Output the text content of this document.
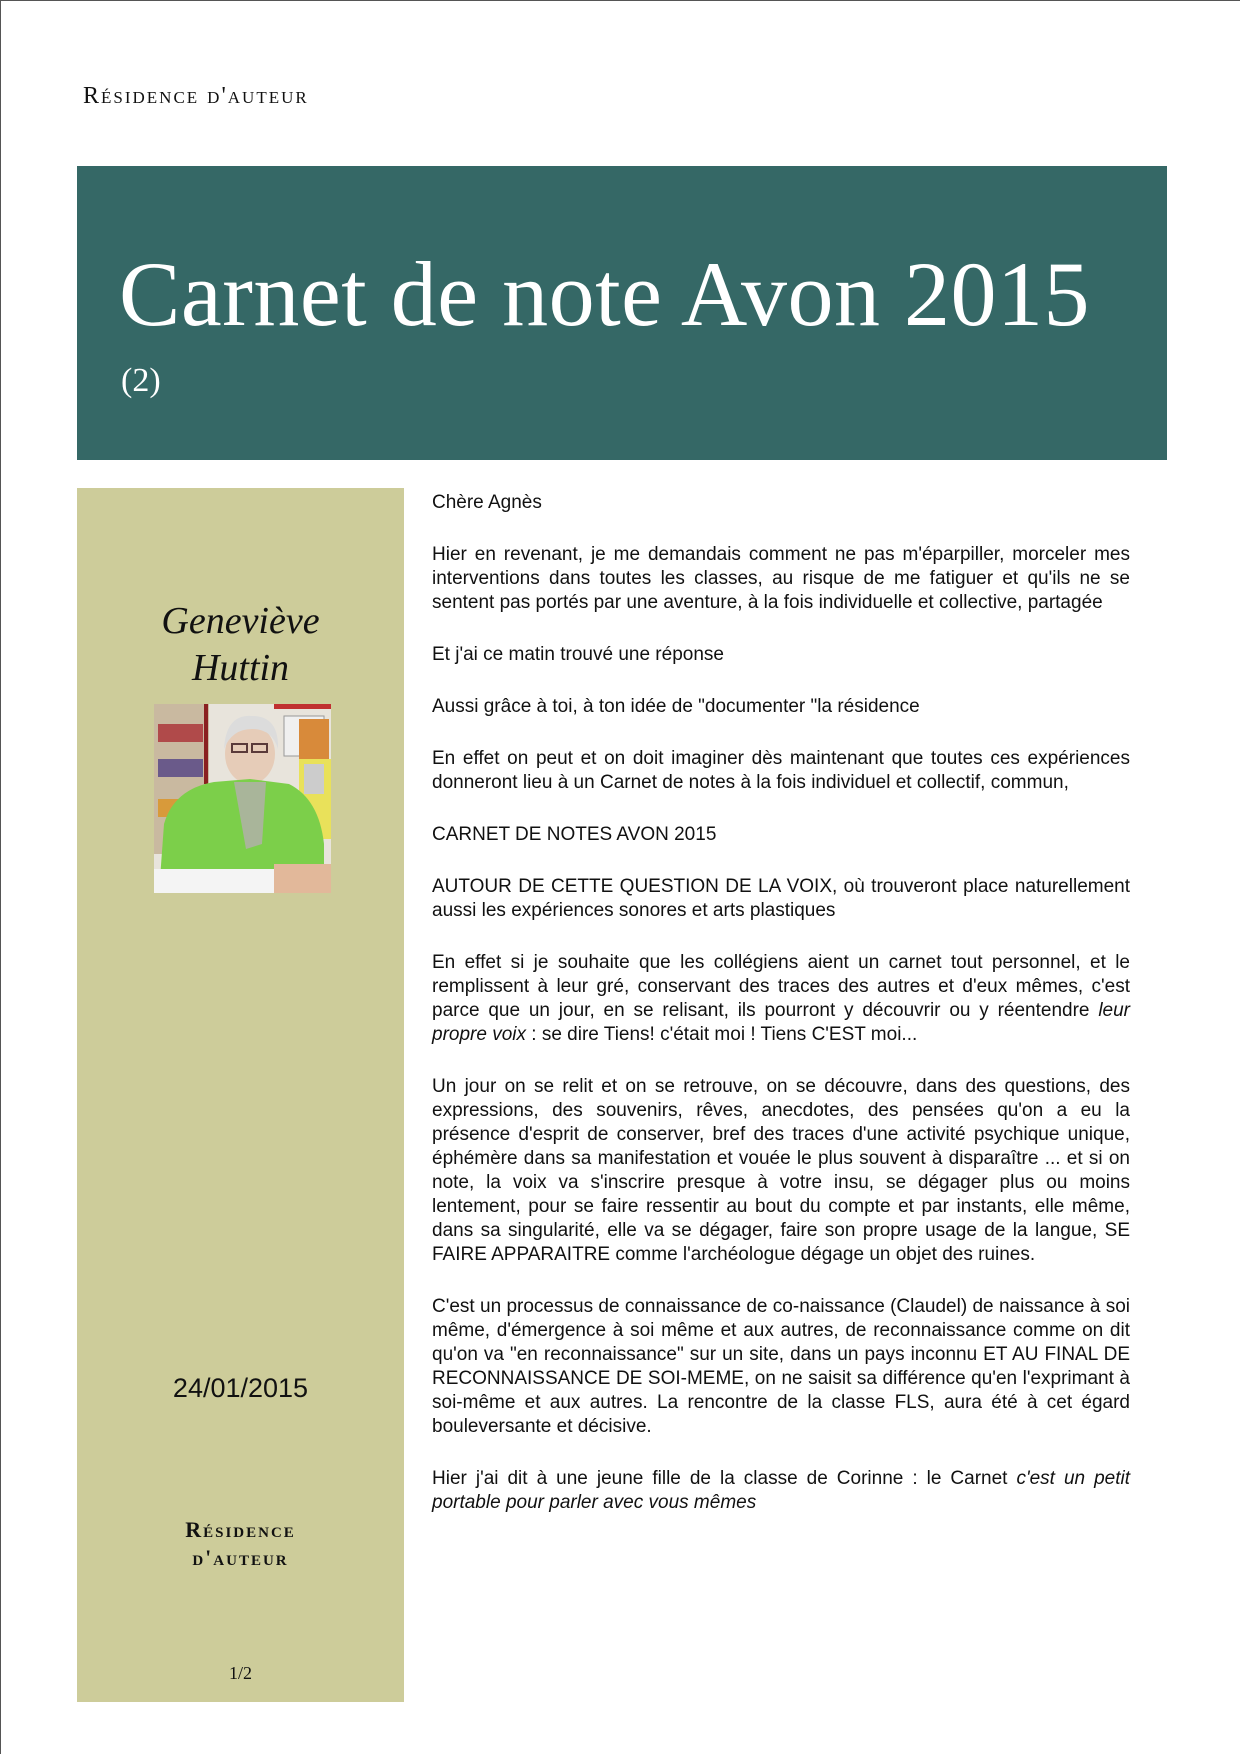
Résidence d'auteur
Carnet de note Avon 2015
(2)
Geneviève
Huttin
24/01/2015
Résidence
d'auteur
1/2

Chère Agnès

Hier en revenant, je me demandais comment ne pas m'éparpiller, morceler mes interventions dans toutes les classes, au risque de me fatiguer et qu'ils ne se sentent pas portés par une aventure, à la fois individuelle et collective, partagée

Et j'ai ce matin trouvé une réponse

Aussi grâce à toi, à ton idée de "documenter "la résidence

En effet on peut et on doit imaginer dès maintenant que toutes ces expériences donneront lieu à un Carnet de notes à la fois individuel et collectif, commun,

CARNET DE NOTES AVON 2015

AUTOUR DE CETTE QUESTION DE LA VOIX, où trouveront place naturellement aussi les expériences sonores et arts plastiques

En effet si je souhaite que les collégiens aient un carnet tout personnel, et le remplissent à leur gré, conservant des traces des autres et d'eux mêmes, c'est parce que un jour, en se relisant, ils pourront y découvrir ou y réentendre leur propre voix : se dire Tiens! c'était moi ! Tiens C'EST moi...

Un jour on se relit et on se retrouve, on se découvre, dans des questions, des expressions, des souvenirs, rêves, anecdotes, des pensées qu'on a eu la présence d'esprit de conserver, bref des traces d'une activité psychique unique, éphémère dans sa manifestation et vouée le plus souvent à disparaître ... et si on note, la voix va s'inscrire presque à votre insu, se dégager plus ou moins lentement, pour se faire ressentir au bout du compte et par instants, elle même, dans sa singularité, elle va se dégager, faire son propre usage de la langue, SE FAIRE APPARAITRE comme l'archéologue dégage un objet des ruines.

C'est un processus de connaissance de co-naissance (Claudel) de naissance à soi même, d'émergence à soi même et aux autres, de reconnaissance comme on dit qu'on va "en reconnaissance" sur un site, dans un pays inconnu ET AU FINAL DE RECONNAISSANCE DE SOI-MEME, on ne saisit sa différence qu'en l'exprimant à soi-même et aux autres. La rencontre de la classe FLS, aura été à cet égard bouleversante et décisive.

Hier j'ai dit à une jeune fille de la classe de Corinne : le Carnet c'est un petit portable pour parler avec vous mêmes
